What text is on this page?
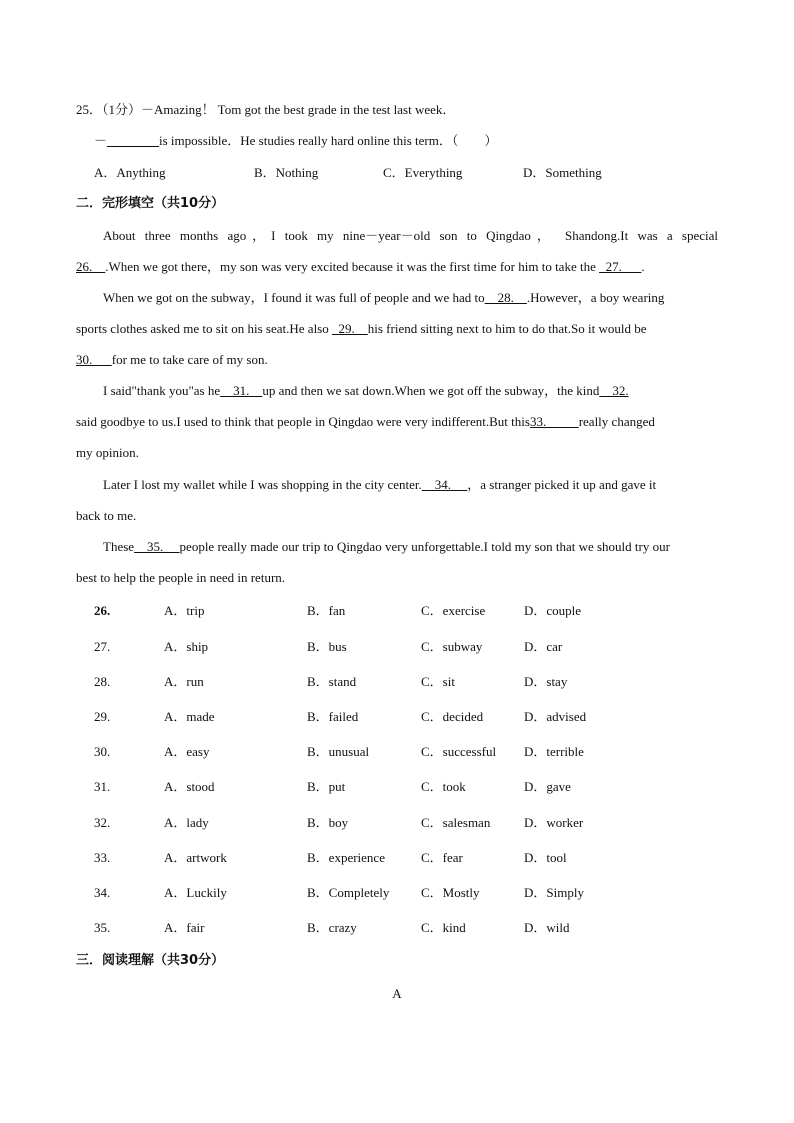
25．（1分）－Amazing！ Tom got the best grade in the test last week．
－________is impossible．He studies really hard online this term．（　　）
A．Anything	B．Nothing	C．Everything	D．Something
二．完形填空（共10分）
About three months ago，I took my nine－year－old son to Qingdao， Shandong.It was a special
26.    .When we got there，my son was very excited because it was the first time for him to take the   27.      .
When we got on the subway，I found it was full of people and we had to    28.    .However，a boy wearing
sports clothes asked me to sit on his seat.He also   29.    his friend sitting next to him to do that.So it would be
30.      for me to take care of my son.
I said"thank you"as he    31.    up and then we sat down.When we got off the subway，the kind    32.
said goodbye to us.I used to think that people in Qingdao were very indifferent.But this33.          really changed
my opinion.
Later I lost my wallet while I was shopping in the city center.    34.     ，a stranger picked it up and gave it
back to me.
These    35.     people really made our trip to Qingdao very unforgettable.I told my son that we should try our
best to help the people in need in return.
26.	A．trip	B．fan	C．exercise	D．couple
27.	A．ship	B．bus	C．subway	D．car
28.	A．run	B．stand	C．sit	D．stay
29.	A．made	B．failed	C．decided	D．advised
30.	A．easy	B．unusual	C．successful D．terrible
31.	A．stood	B．put	C．took	D．gave
32.	A．lady	B．boy	C．salesman	D．worker
33.	A．artwork	B．experience	C．fear	D．tool
34.	A．Luckily	B．Completely C．Mostly	D．Simply
35.	A．fair	B．crazy	C．kind	D．wild
三．阅读理解（共30分）
A
